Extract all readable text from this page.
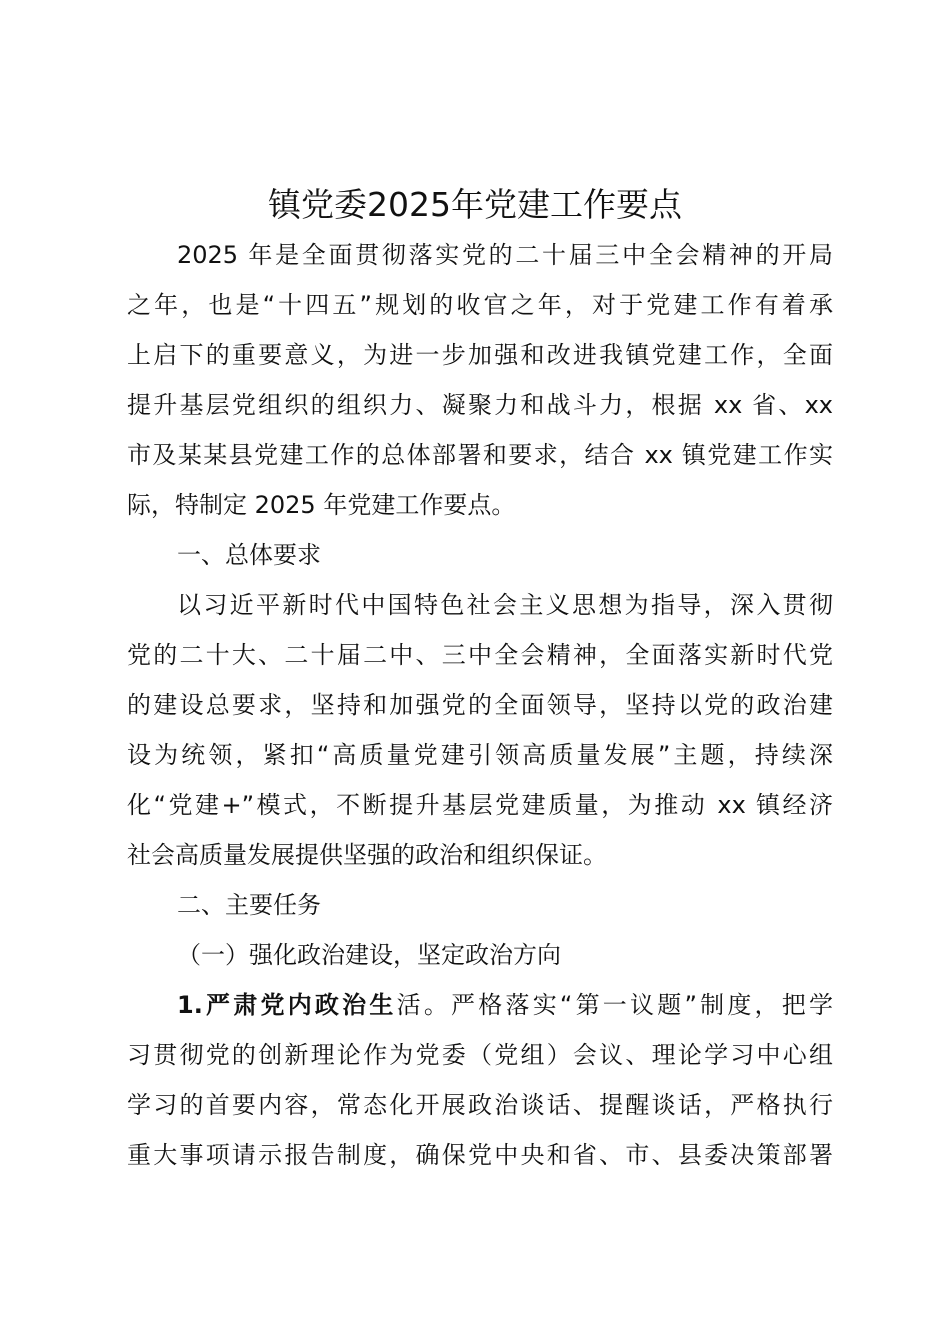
镇党委2025年党建工作要点
2025 年是全面贯彻落实党的二十届三中全会精神的开局
之年，也是“十四五”规划的收官之年，对于党建工作有着承
上启下的重要意义，为进一步加强和改进我镇党建工作，全面
提升基层党组织的组织力、凝聚力和战斗力，根据 xx 省、xx
市及某某县党建工作的总体部署和要求，结合 xx 镇党建工作实
际，特制定 2025 年党建工作要点。
一、总体要求
以习近平新时代中国特色社会主义思想为指导，深入贯彻
党的二十大、二十届二中、三中全会精神，全面落实新时代党
的建设总要求，坚持和加强党的全面领导，坚持以党的政治建
设为统领，紧扣“高质量党建引领高质量发展”主题，持续深
化“党建+”模式，不断提升基层党建质量，为推动 xx 镇经济
社会高质量发展提供坚强的政治和组织保证。
二、主要任务
（一）强化政治建设，坚定政治方向
1.严肃党内政治生活。严格落实“第一议题”制度，把学
习贯彻党的创新理论作为党委（党组）会议、理论学习中心组
学习的首要内容，常态化开展政治谈话、提醒谈话，严格执行
重大事项请示报告制度，确保党中央和省、市、县委决策部署
